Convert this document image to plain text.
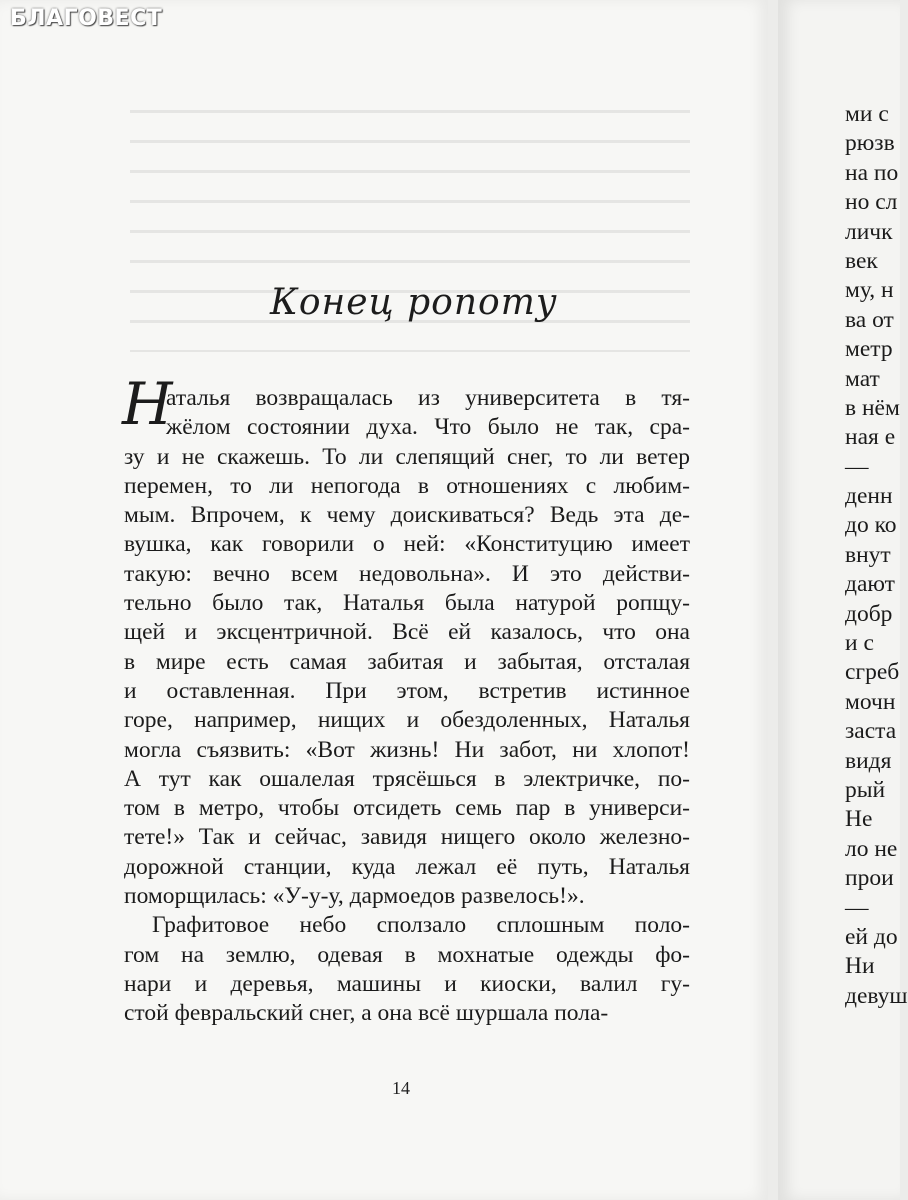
БЛАГОВЕСТ
Конец ропоту
Н
аталья возвращалась из университета в тя-
жёлом состоянии духа. Что было не так, сра-
зу и не скажешь. То ли слепящий снег, то ли ветер
перемен, то ли непогода в отношениях с любим-
мым. Впрочем, к чему доискиваться? Ведь эта де-
вушка, как говорили о ней: «Конституцию имеет
такую: вечно всем недовольна». И это действи-
тельно было так, Наталья была натурой ропщу-
щей и эксцентричной. Всё ей казалось, что она
в мире есть самая забитая и забытая, отсталая
и оставленная. При этом, встретив истинное
горе, например, нищих и обездоленных, Наталья
могла съязвить: «Вот жизнь! Ни забот, ни хлопот!
А тут как ошалелая трясёшься в электричке, по-
том в метро, чтобы отсидеть семь пар в универси-
тете!» Так и сейчас, завидя нищего около железно-
дорожной станции, куда лежал её путь, Наталья
поморщилась: «У-у-у, дармоедов развелось!».
Графитовое небо сползало сплошным поло-
гом на землю, одевая в мохнатые одежды фо-
нари и деревья, машины и киоски, валил гу-
стой февральский снег, а она всё шуршала пола-
14
ми с
рюзв
на по
но сл
личк
век
му, н
ва от
метр
мат
в нём
ная е
—
денн
до ко
внут
дают
добр
и с
сгреб
мочн
заста
видя
рый
Не
ло не
прои
—
ей до
Ни
девуш
